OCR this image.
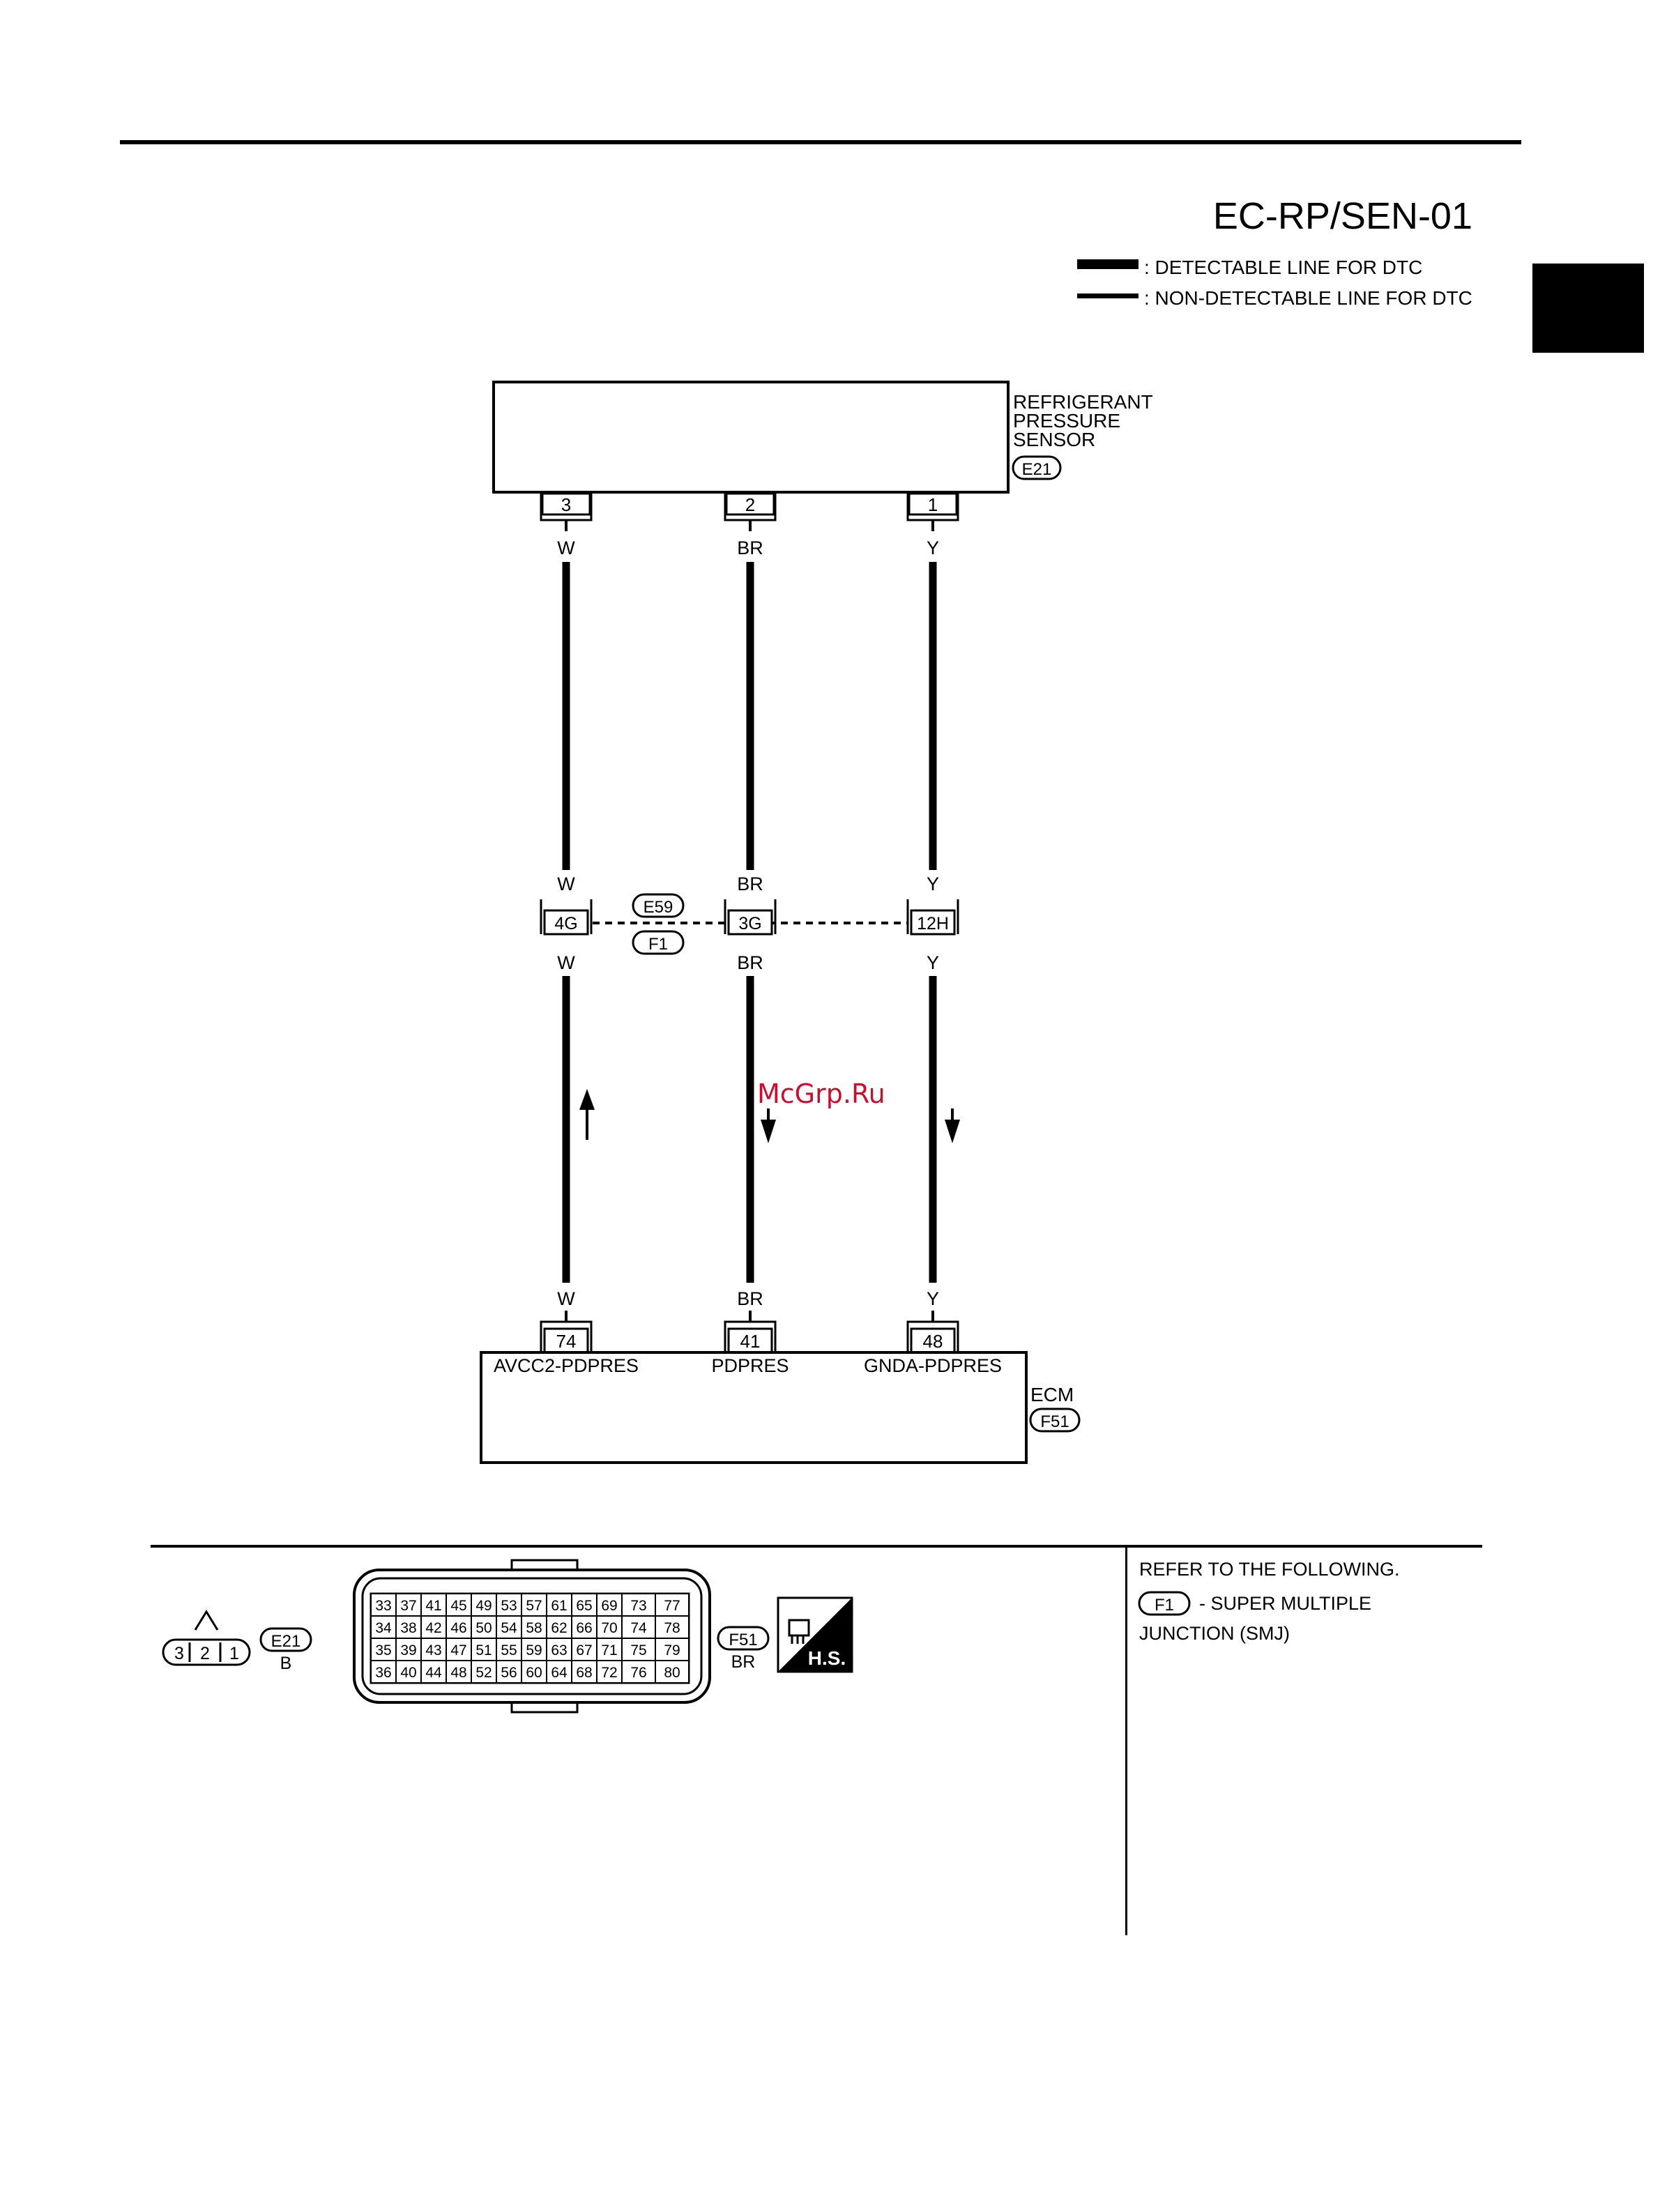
EC-RP/SEN-01
: DETECTABLE LINE FOR DTC
: NON-DETECTABLE LINE FOR DTC
REFRIGERANT
PRESSURE
SENSOR
E21
3	2	1
W	BR	Y
W	BR	Y
4G	3G	12H
E59
F1
W	BR	Y
McGrp.Ru
W	BR	Y
74	41	48
AVCC2-PDPRES	PDPRES	GNDA-PDPRES
ECM
F51
3 2 1
E21
B
33 37 41 45 49 53 57 61 65 69 73 77
34 38 42 46 50 54 58 62 66 70 74 78
35 39 43 47 51 55 59 63 67 71 75 79
36 40 44 48 52 56 60 64 68 72 76 80
F51
BR	H.S.
REFER TO THE FOLLOWING.
F1 - SUPER MULTIPLE
JUNCTION (SMJ)
